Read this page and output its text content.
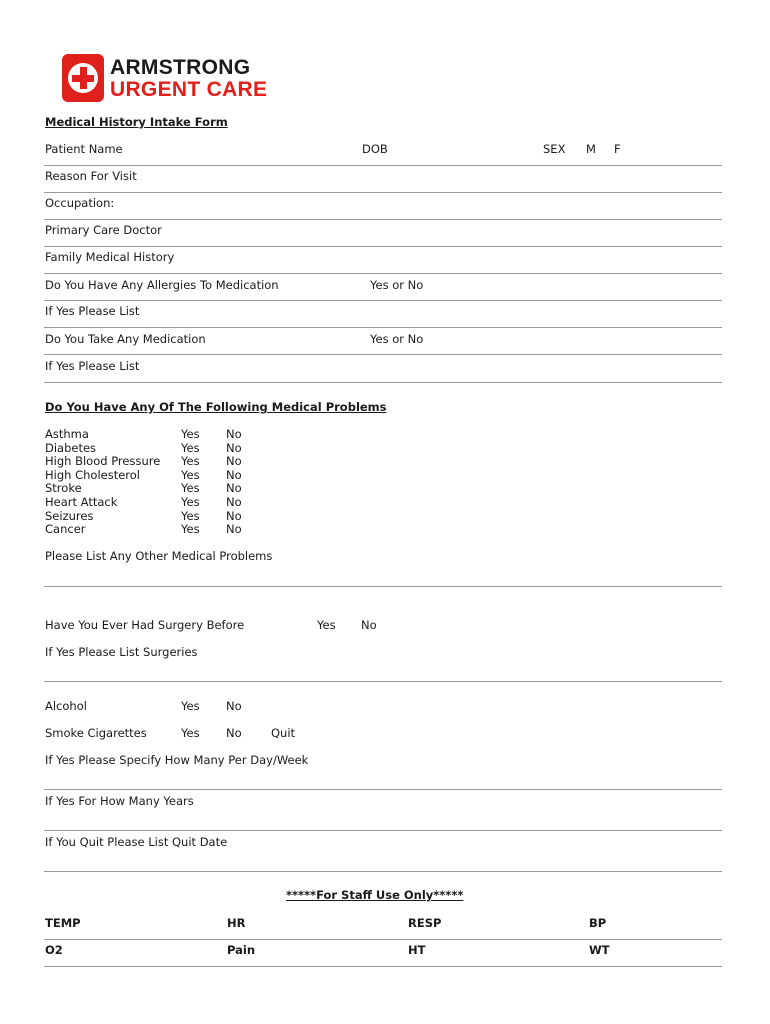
ARMSTRONG
URGENT CARE
Medical History Intake Form
Patient Name	DOB	SEX M F
Reason For Visit
Occupation:
Primary Care Doctor
Family Medical History
Do You Have Any Allergies To Medication	Yes or No
If Yes Please List
Do You Take Any Medication	Yes or No
If Yes Please List
Do You Have Any Of The Following Medical Problems
Asthma	Yes No
Diabetes	Yes No
High Blood Pressure Yes No
High Cholesterol	Yes No
Stroke	Yes No
Heart Attack	Yes No
Seizures	Yes No
Cancer	Yes No
Please List Any Other Medical Problems
Have You Ever Had Surgery Before	Yes No
If Yes Please List Surgeries
Alcohol	Yes No
Smoke Cigarettes	Yes No	Quit
If Yes Please Specify How Many Per Day/Week
If Yes For How Many Years
If You Quit Please List Quit Date
*****For Staff Use Only*****
TEMP	HR	RESP	BP
O2	Pain	HT	WT
